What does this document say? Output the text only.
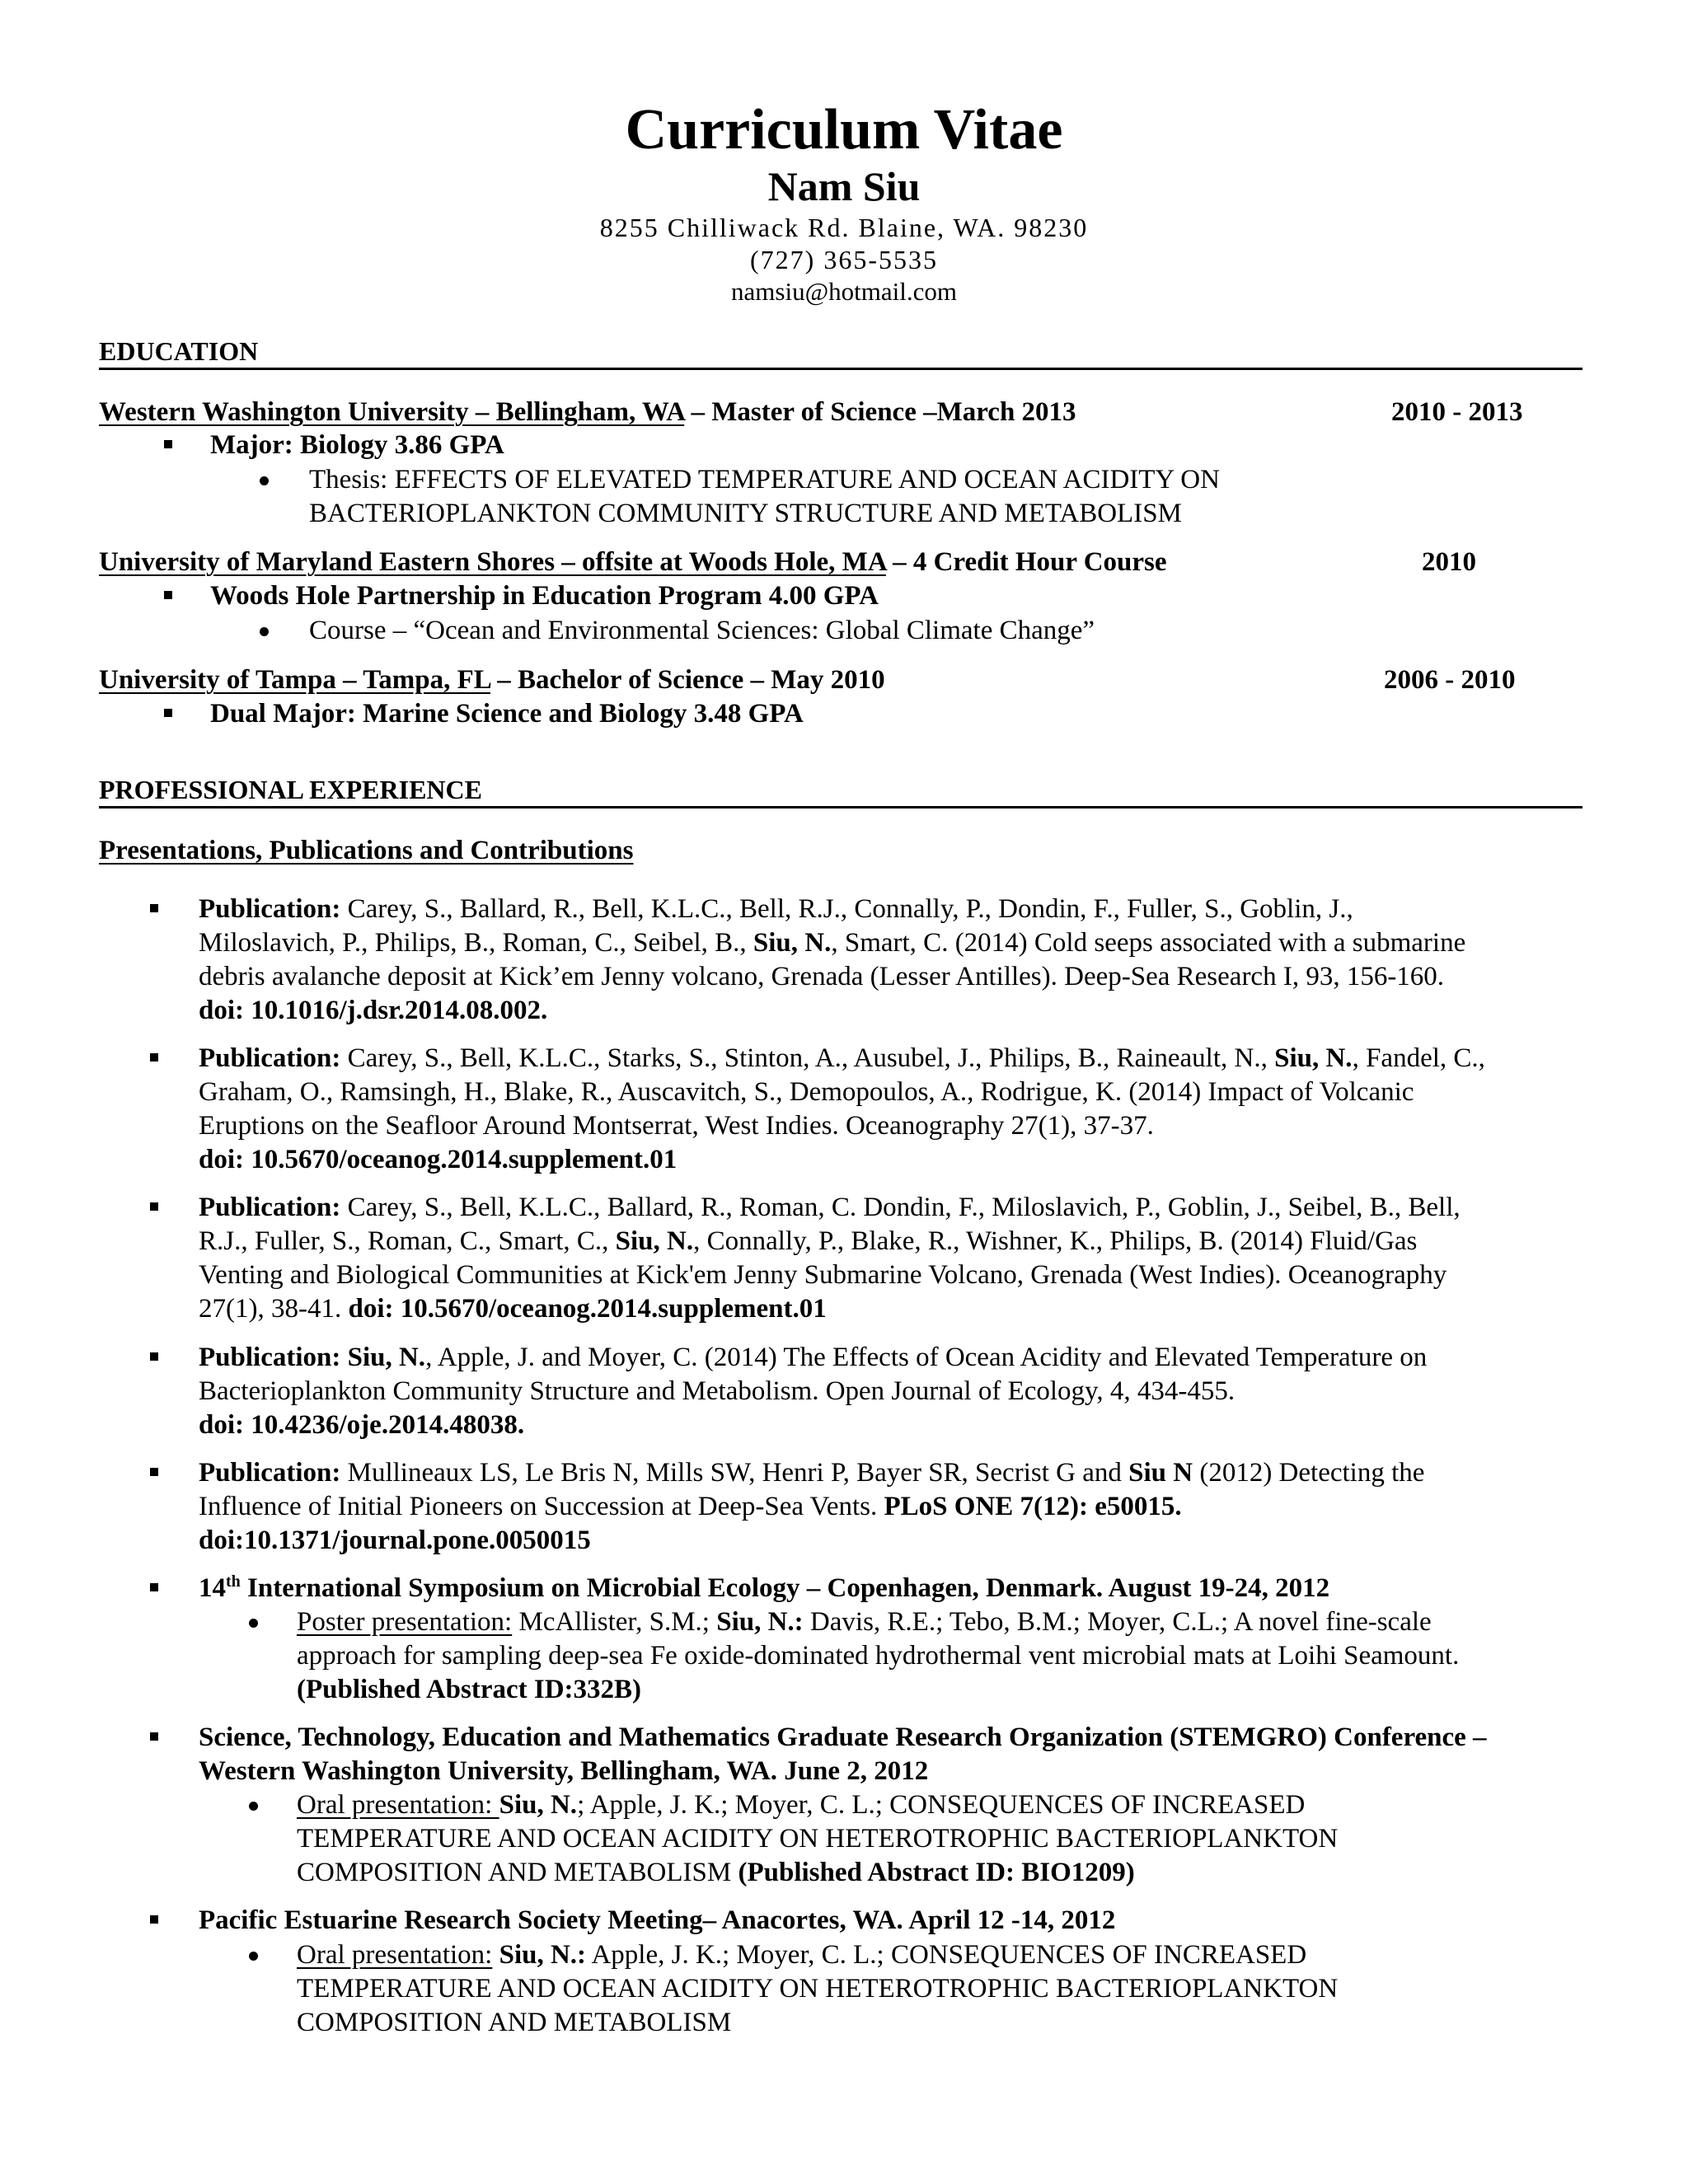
Curriculum Vitae
Nam Siu
8255 Chilliwack Rd. Blaine, WA. 98230
(727) 365-5535
namsiu@hotmail.com
EDUCATION
Western Washington University – Bellingham, WA – Master of Science –March 2013	2010 - 2013
Major: Biology 3.86 GPA
Thesis: EFFECTS OF ELEVATED TEMPERATURE AND OCEAN ACIDITY ON
BACTERIOPLANKTON COMMUNITY STRUCTURE AND METABOLISM
University of Maryland Eastern Shores – offsite at Woods Hole, MA – 4 Credit Hour Course	2010
Woods Hole Partnership in Education Program 4.00 GPA
Course – “Ocean and Environmental Sciences: Global Climate Change”
University of Tampa – Tampa, FL – Bachelor of Science – May 2010	2006 - 2010
Dual Major: Marine Science and Biology 3.48 GPA
PROFESSIONAL EXPERIENCE
Presentations, Publications and Contributions
Publication: Carey, S., Ballard, R., Bell, K.L.C., Bell, R.J., Connally, P., Dondin, F., Fuller, S., Goblin, J.,
Miloslavich, P., Philips, B., Roman, C., Seibel, B., Siu, N., Smart, C. (2014) Cold seeps associated with a submarine
debris avalanche deposit at Kick’em Jenny volcano, Grenada (Lesser Antilles). Deep-Sea Research I, 93, 156-160.
doi: 10.1016/j.dsr.2014.08.002.
Publication: Carey, S., Bell, K.L.C., Starks, S., Stinton, A., Ausubel, J., Philips, B., Raineault, N., Siu, N., Fandel, C.,
Graham, O., Ramsingh, H., Blake, R., Auscavitch, S., Demopoulos, A., Rodrigue, K. (2014) Impact of Volcanic
Eruptions on the Seafloor Around Montserrat, West Indies. Oceanography 27(1), 37-37.
doi: 10.5670/oceanog.2014.supplement.01
Publication: Carey, S., Bell, K.L.C., Ballard, R., Roman, C. Dondin, F., Miloslavich, P., Goblin, J., Seibel, B., Bell,
R.J., Fuller, S., Roman, C., Smart, C., Siu, N., Connally, P., Blake, R., Wishner, K., Philips, B. (2014) Fluid/Gas
Venting and Biological Communities at Kick'em Jenny Submarine Volcano, Grenada (West Indies). Oceanography
27(1), 38-41. doi: 10.5670/oceanog.2014.supplement.01
Publication: Siu, N., Apple, J. and Moyer, C. (2014) The Effects of Ocean Acidity and Elevated Temperature on
Bacterioplankton Community Structure and Metabolism. Open Journal of Ecology, 4, 434-455.
doi: 10.4236/oje.2014.48038.
Publication: Mullineaux LS, Le Bris N, Mills SW, Henri P, Bayer SR, Secrist G and Siu N (2012) Detecting the
Influence of Initial Pioneers on Succession at Deep-Sea Vents. PLoS ONE 7(12): e50015.
doi:10.1371/journal.pone.0050015
14th International Symposium on Microbial Ecology – Copenhagen, Denmark. August 19-24, 2012
Poster presentation: McAllister, S.M.; Siu, N.: Davis, R.E.; Tebo, B.M.; Moyer, C.L.; A novel fine-scale
approach for sampling deep-sea Fe oxide-dominated hydrothermal vent microbial mats at Loihi Seamount.
(Published Abstract ID:332B)
Science, Technology, Education and Mathematics Graduate Research Organization (STEMGRO) Conference –
Western Washington University, Bellingham, WA. June 2, 2012
Oral presentation: Siu, N.; Apple, J. K.; Moyer, C. L.; CONSEQUENCES OF INCREASED
TEMPERATURE AND OCEAN ACIDITY ON HETEROTROPHIC BACTERIOPLANKTON
COMPOSITION AND METABOLISM (Published Abstract ID: BIO1209)
Pacific Estuarine Research Society Meeting– Anacortes, WA. April 12 -14, 2012
Oral presentation: Siu, N.: Apple, J. K.; Moyer, C. L.; CONSEQUENCES OF INCREASED
TEMPERATURE AND OCEAN ACIDITY ON HETEROTROPHIC BACTERIOPLANKTON
COMPOSITION AND METABOLISM
